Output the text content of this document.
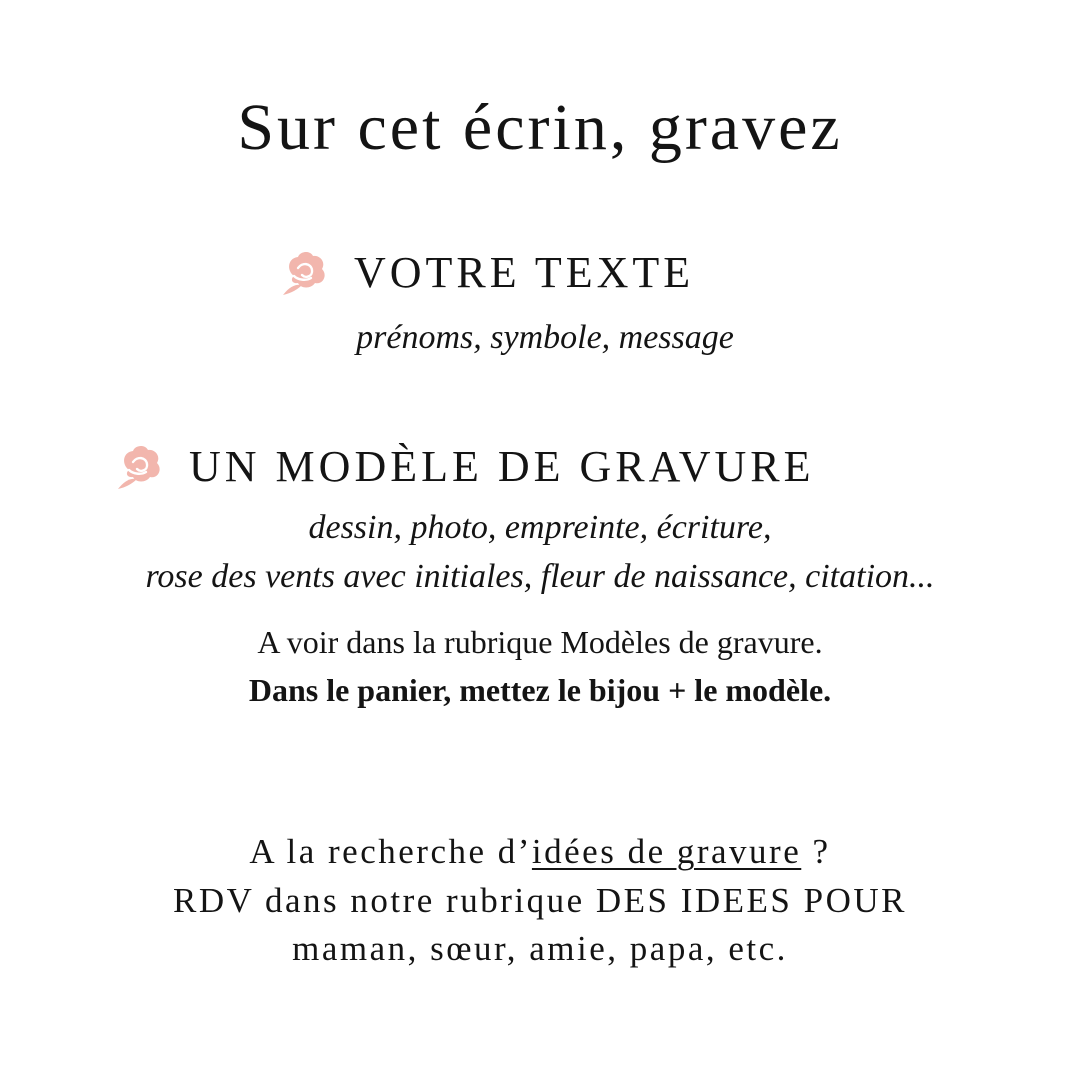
Sur cet écrin, gravez
VOTRE TEXTE
prénoms, symbole, message
UN MODÈLE DE GRAVURE
dessin, photo, empreinte, écriture,
rose des vents avec initiales, fleur de naissance, citation...
A voir dans la rubrique Modèles de gravure.
Dans le panier, mettez le bijou + le modèle.
A la recherche d’idées de gravure ?
RDV dans notre rubrique DES IDEES POUR
maman, sœur, amie, papa, etc.
